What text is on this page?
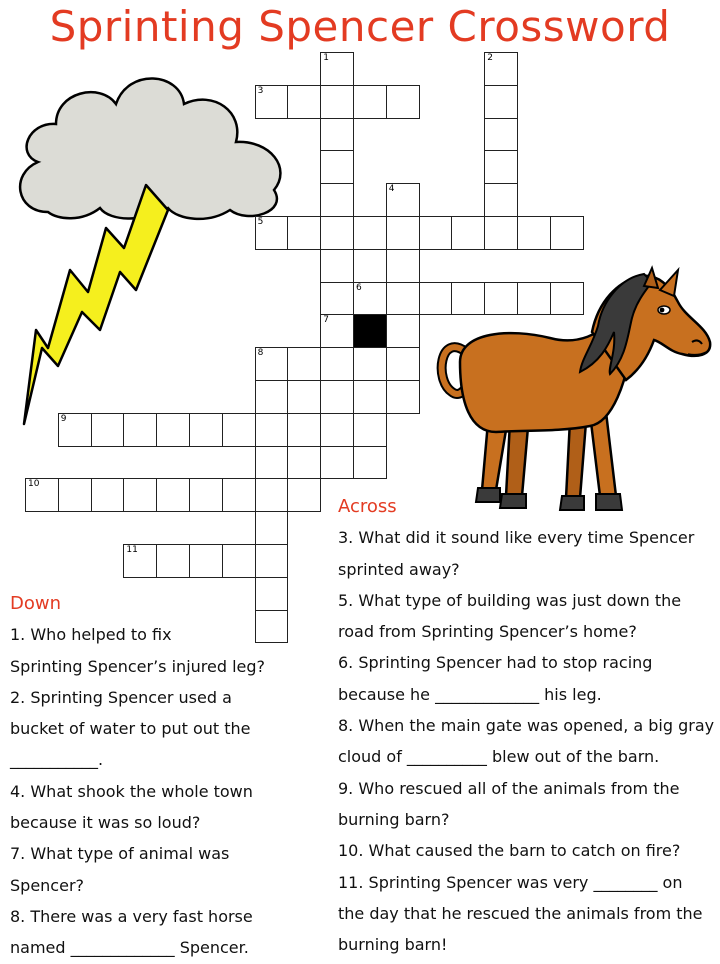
Sprinting Spencer Crossword
1
7
2
3
4
5
6
8
9
10
11
Down
1. Who helped to fix
Sprinting Spencer’s injured leg?
2. Sprinting Spencer used a
bucket of water to put out the
___________.
4. What shook the whole town
because it was so loud?
7. What type of animal was
Spencer?
8. There was a very fast horse
named _____________ Spencer.
Across
3. What did it sound like every time Spencer
sprinted away?
5. What type of building was just down the
road from Sprinting Spencer’s home?
6. Sprinting Spencer had to stop racing
because he _____________ his leg.
8. When the main gate was opened, a big gray
cloud of __________ blew out of the barn.
9. Who rescued all of the animals from the
burning barn?
10. What caused the barn to catch on fire?
11. Sprinting Spencer was very ________ on
the day that he rescued the animals from the
burning barn!
